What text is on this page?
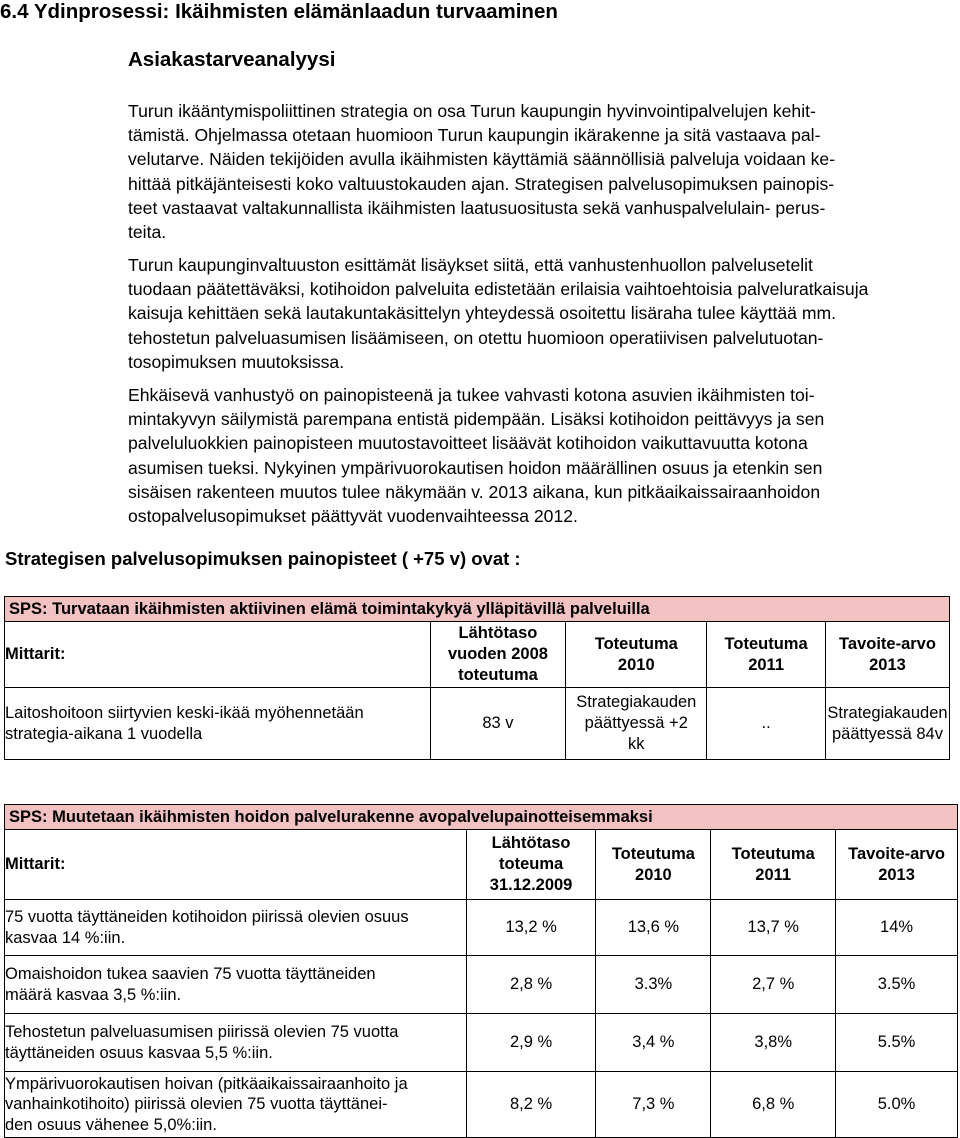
6.4 Ydinprosessi: Ikäihmisten elämänlaadun turvaaminen
Asiakastarveanalyysi
Turun ikääntymispoliittinen strategia on osa Turun kaupungin hyvinvointipalvelujen kehit-
tämistä. Ohjelmassa otetaan huomioon Turun kaupungin ikärakenne ja sitä vastaava pal-
velutarve. Näiden tekijöiden avulla ikäihmisten käyttämiä säännöllisiä palveluja voidaan ke-
hittää pitkäjänteisesti koko valtuustokauden ajan. Strategisen palvelusopimuksen painopis-
teet vastaavat valtakunnallista ikäihmisten laatusuositusta sekä vanhuspalvelulain- perus-
teita.
Turun kaupunginvaltuuston esittämät lisäykset siitä, että vanhustenhuollon palvelusetelit
tuodaan päätettäväksi, kotihoidon palveluita edistetään erilaisia vaihtoehtoisia palveluratkaisuja
kaisuja kehittäen sekä lautakuntakäsittelyn yhteydessä osoitettu lisäraha tulee käyttää mm.
tehostetun palveluasumisen lisäämiseen, on otettu huomioon operatiivisen palvelutuotan-
tosopimuksen muutoksissa.
Ehkäisevä vanhustyö on painopisteenä ja tukee vahvasti kotona asuvien ikäihmisten toi-
mintakyvyn säilymistä parempana entistä pidempään. Lisäksi kotihoidon peittävyys ja sen
palveluluokkien painopisteen muutostavoitteet lisäävät kotihoidon vaikuttavuutta kotona
asumisen tueksi. Nykyinen ympärivuorokautisen hoidon määrällinen osuus ja etenkin sen
sisäisen rakenteen muutos tulee näkymään v. 2013 aikana, kun pitkäaikaissairaanhoidon
ostopalvelusopimukset päättyvät vuodenvaihteessa 2012.
Strategisen palvelusopimuksen painopisteet ( +75 v) ovat :
SPS: Turvataan ikäihmisten aktiivinen elämä toimintakykyä ylläpitävillä palveluilla				
Mittarit:	Lähtötaso
vuoden 2008
toteutuma	Toteutuma
2010	Toteutuma
2011	Tavoite-arvo
2013

Laitoshoitoon siirtyvien keski-ikää myöhennetään
strategia-aikana 1 vuodella	83 v	Strategiakauden
päättyessä +2
kk	..	Strategiakauden
päättyessä 84v
SPS: Muutetaan ikäihmisten hoidon palvelurakenne avopalvelupainotteisemmaksi				
Mittarit:	Lähtötaso
toteuma
31.12.2009	Toteutuma
2010	Toteutuma
2011	Tavoite-arvo
2013

75 vuotta täyttäneiden kotihoidon piirissä olevien osuus
kasvaa 14 %:iin.	13,2 %	13,6 %	13,7 %	14%

Omaishoidon tukea saavien 75 vuotta täyttäneiden
määrä kasvaa 3,5 %:iin.	2,8 %	3.3%	2,7 %	3.5%

Tehostetun palveluasumisen piirissä olevien 75 vuotta
täyttäneiden osuus kasvaa 5,5 %:iin.	2,9 %	3,4 %	3,8%	5.5%

Ympärivuorokautisen hoivan (pitkäaikaissairaanhoito ja
vanhainkotihoito) piirissä olevien 75 vuotta täyttänei-
den osuus vähenee 5,0%:iin.	8,2 %	7,3 %	6,8 %	5.0%
